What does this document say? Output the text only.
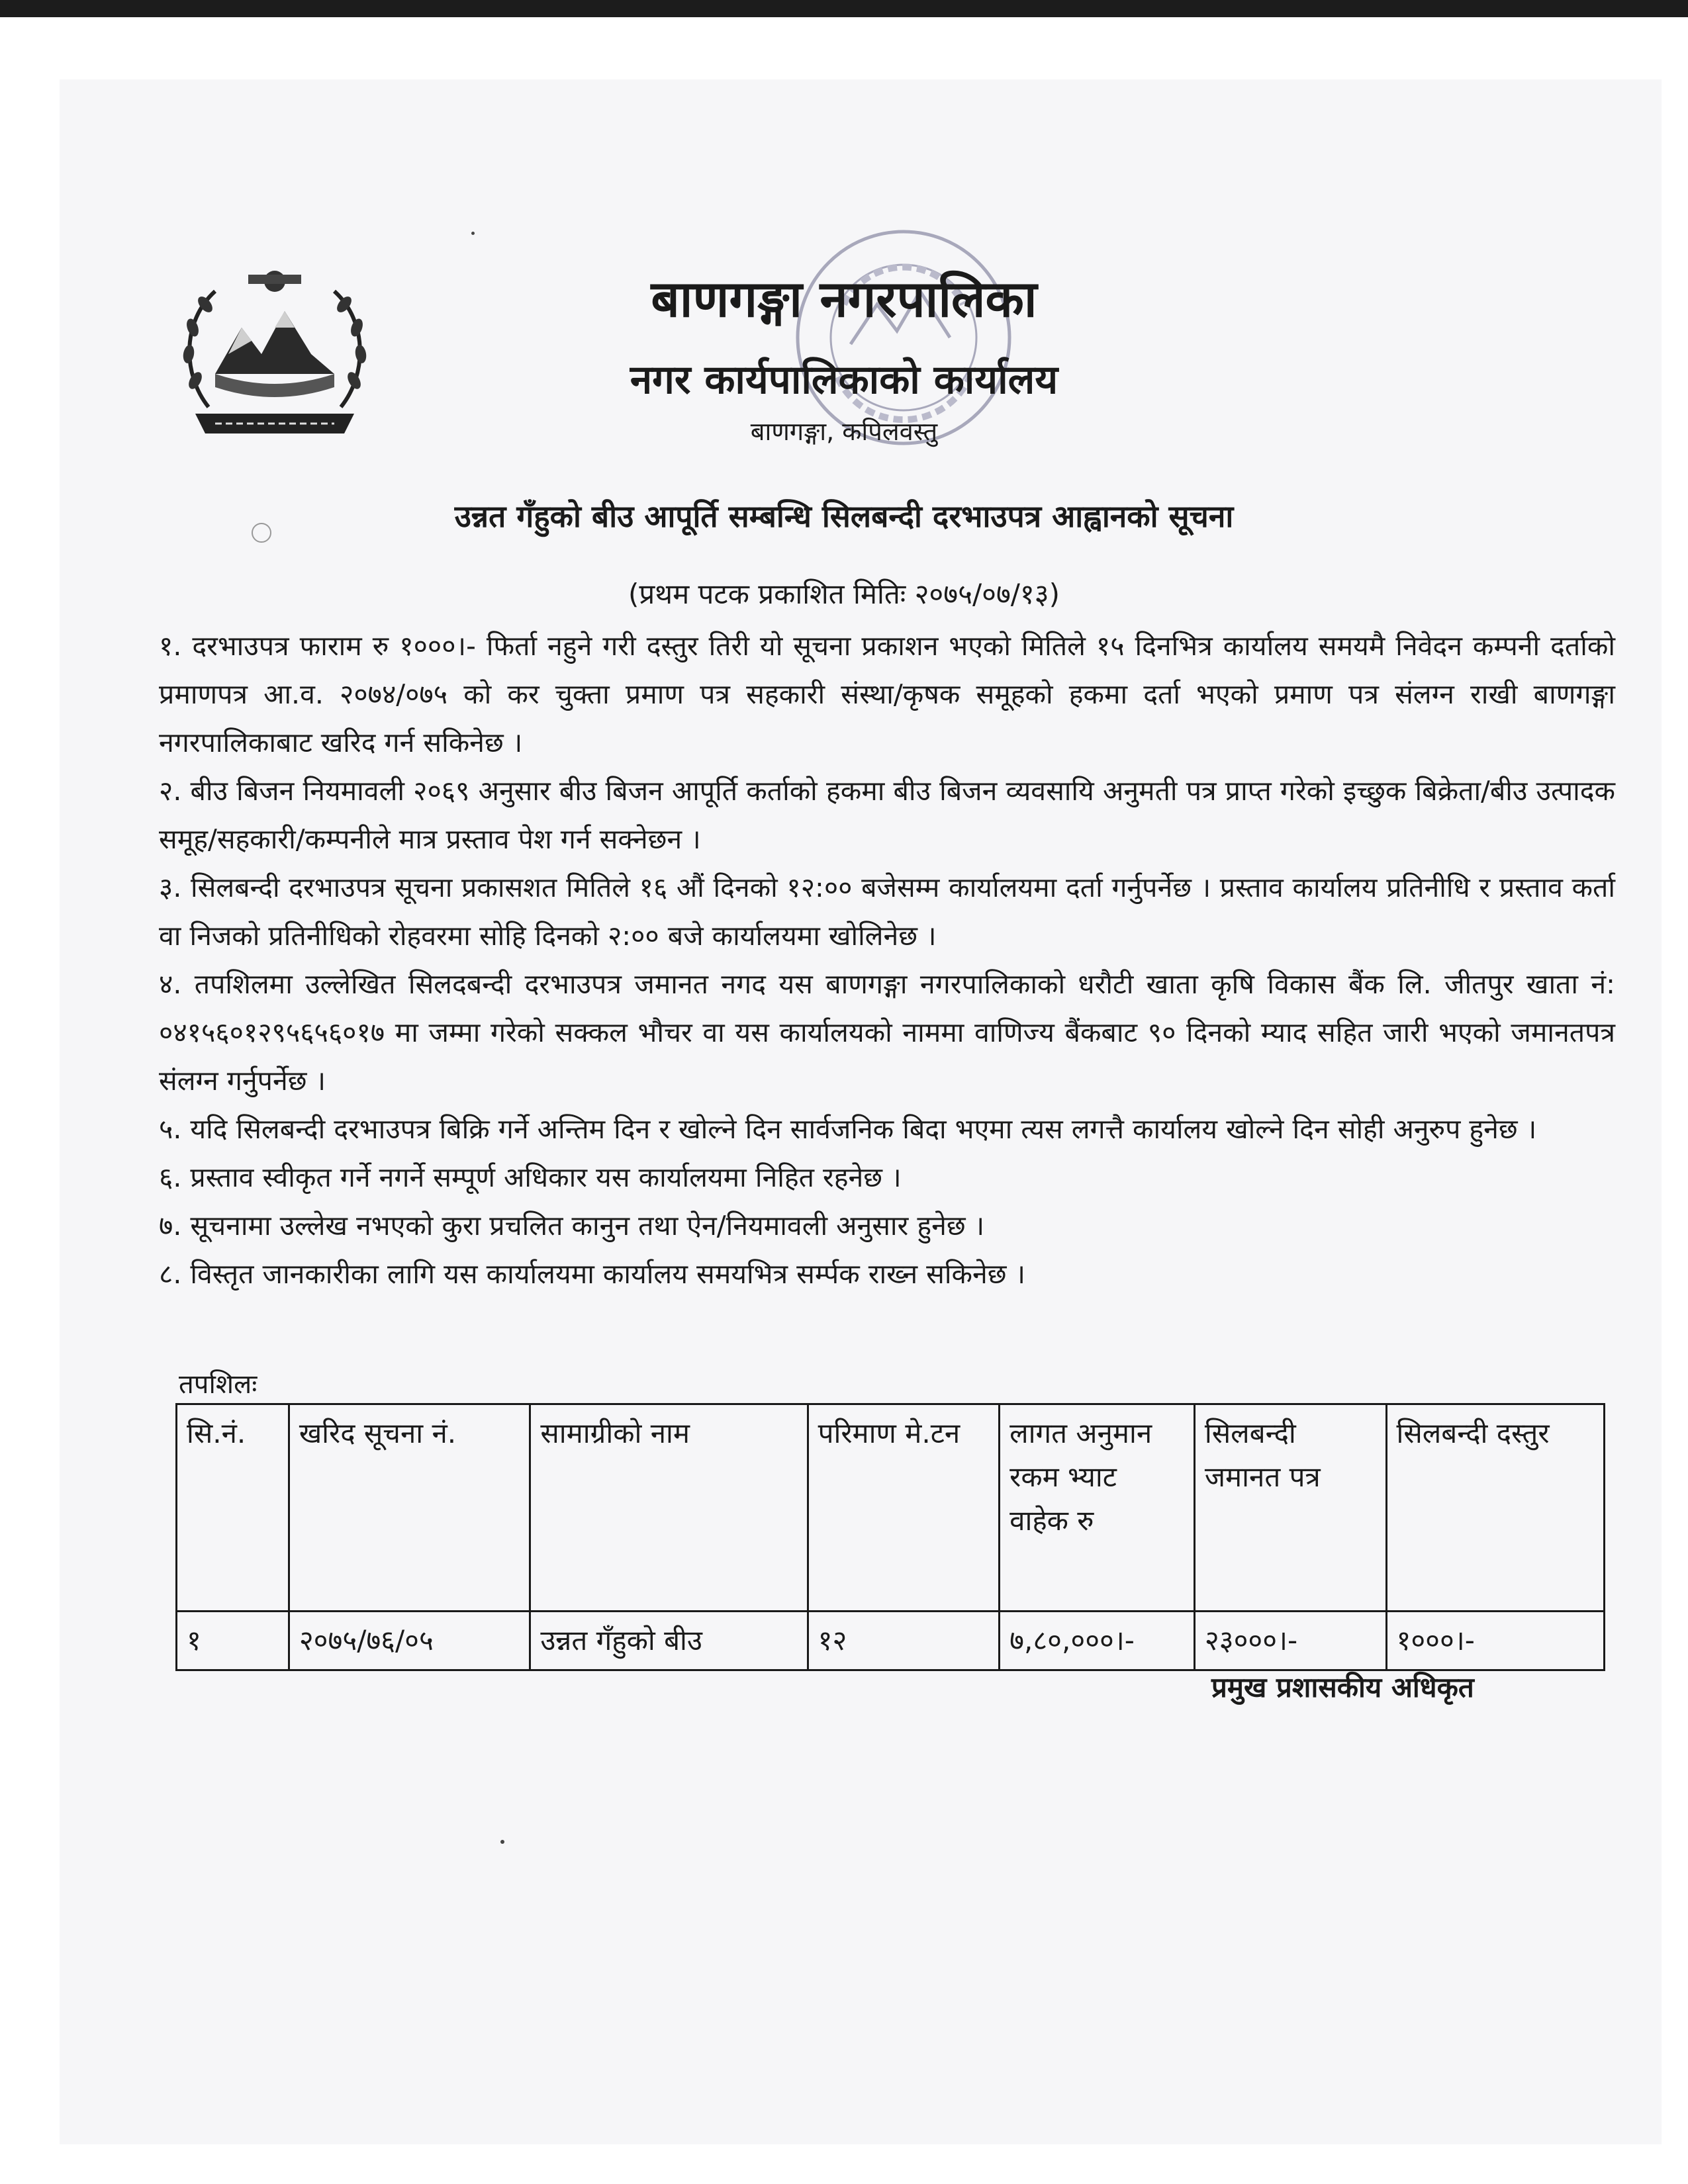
बाणगङ्गा नगरपालिका
नगर कार्यपालिकाको कार्यालय
बाणगङ्गा, कपिलवस्तु
उन्नत गँहुको बीउ आपूर्ति सम्बन्धि सिलबन्दी दरभाउपत्र आह्वानको सूचना
(प्रथम पटक प्रकाशित मितिः २०७५/०७/१३)

१. दरभाउपत्र फाराम रु १०००।- फिर्ता नहुने गरी दस्तुर तिरी यो सूचना प्रकाशन भएको मितिले १५ दिनभित्र कार्यालय समयमै निवेदन कम्पनी दर्ताको प्रमाणपत्र आ.व. २०७४/०७५ को कर चुक्ता प्रमाण पत्र सहकारी संस्था/कृषक समूहको हकमा दर्ता भएको प्रमाण पत्र संलग्न राखी बाणगङ्गा नगरपालिकाबाट खरिद गर्न सकिनेछ ।

२. बीउ बिजन नियमावली २०६९ अनुसार बीउ बिजन आपूर्ति कर्ताको हकमा बीउ बिजन व्यवसायि अनुमती पत्र प्राप्त गरेको इच्छुक बिक्रेता/बीउ उत्पादक समूह/सहकारी/कम्पनीले मात्र प्रस्ताव पेश गर्न सक्नेछन ।

३. सिलबन्दी दरभाउपत्र सूचना प्रकासशत मितिले १६ औं दिनको १२:०० बजेसम्म कार्यालयमा दर्ता गर्नुपर्नेछ । प्रस्ताव कार्यालय प्रतिनीधि र प्रस्ताव कर्ता वा निजको प्रतिनीधिको रोहवरमा सोहि दिनको २:०० बजे कार्यालयमा खोलिनेछ ।

४. तपशिलमा उल्लेखित सिलदबन्दी दरभाउपत्र जमानत नगद यस बाणगङ्गा नगरपालिकाको धरौटी खाता कृषि विकास बैंक लि. जीतपुर खाता नं: ०४१५६०१२९५६५६०१७ मा जम्मा गरेको सक्कल भौचर वा यस कार्यालयको नाममा वाणिज्य बैंकबाट ९० दिनको म्याद सहित जारी भएको जमानतपत्र संलग्न गर्नुपर्नेछ ।

५. यदि सिलबन्दी दरभाउपत्र बिक्रि गर्ने अन्तिम दिन र खोल्ने दिन सार्वजनिक बिदा भएमा त्यस लगत्तै कार्यालय खोल्ने दिन सोही अनुरुप हुनेछ ।

६. प्रस्ताव स्वीकृत गर्ने नगर्ने सम्पूर्ण अधिकार यस कार्यालयमा निहित रहनेछ ।

७. सूचनामा उल्लेख नभएको कुरा प्रचलित कानुन तथा ऐन/नियमावली अनुसार हुनेछ ।

८. विस्तृत जानकारीका लागि यस कार्यालयमा कार्यालय समयभित्र सर्म्पक राख्न सकिनेछ ।

तपशिलः
सि.नं.	खरिद सूचना नं.	सामाग्रीको नाम	परिमाण मे.टन	लागत अनुमान रकम भ्याट वाहेक रु	सिलबन्दी जमानत पत्र	सिलबन्दी दस्तुर
१	२०७५/७६/०५	उन्नत गँहुको बीउ	१२	७,८०,०००।-	२३०००।-	१०००।-
प्रमुख प्रशासकीय अधिकृत
